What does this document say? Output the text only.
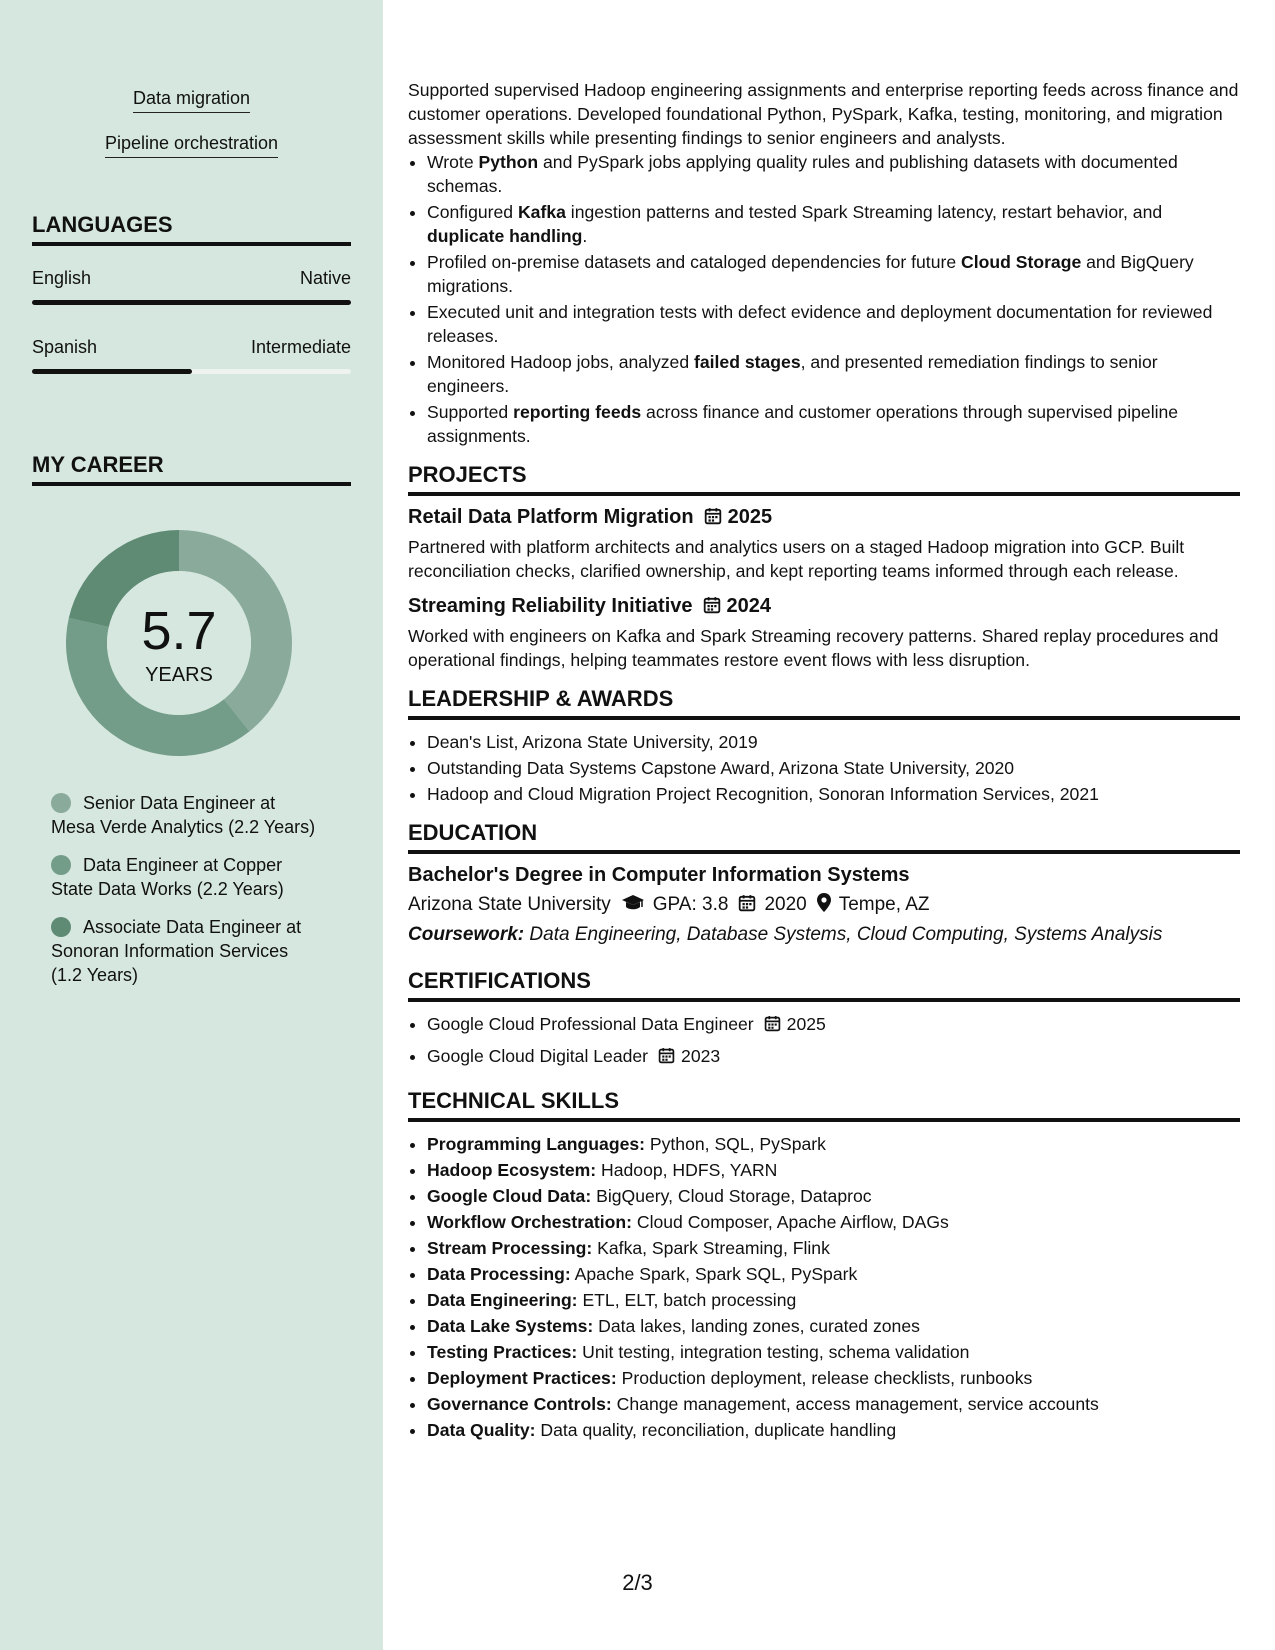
Data migration
Pipeline orchestration
LANGUAGES
English	Native
Spanish	Intermediate
MY CAREER
5.7
YEARS
Senior Data Engineer at Mesa Verde Analytics (2.2 Years)
Data Engineer at Copper State Data Works (2.2 Years)
Associate Data Engineer at Sonoran Information Services (1.2 Years)
Supported supervised Hadoop engineering assignments and enterprise reporting feeds across finance and customer operations. Developed foundational Python, PySpark, Kafka, testing, monitoring, and migration assessment skills while presenting findings to senior engineers and analysts.
• Wrote Python and PySpark jobs applying quality rules and publishing datasets with documented schemas.
• Configured Kafka ingestion patterns and tested Spark Streaming latency, restart behavior, and duplicate handling.
• Profiled on-premise datasets and cataloged dependencies for future Cloud Storage and BigQuery migrations.
• Executed unit and integration tests with defect evidence and deployment documentation for reviewed releases.
• Monitored Hadoop jobs, analyzed failed stages, and presented remediation findings to senior engineers.
• Supported reporting feeds across finance and customer operations through supervised pipeline assignments.
PROJECTS
Retail Data Platform Migration 2025
Partnered with platform architects and analytics users on a staged Hadoop migration into GCP. Built reconciliation checks, clarified ownership, and kept reporting teams informed through each release.
Streaming Reliability Initiative 2024
Worked with engineers on Kafka and Spark Streaming recovery patterns. Shared replay procedures and operational findings, helping teammates restore event flows with less disruption.
LEADERSHIP & AWARDS
• Dean's List, Arizona State University, 2019
• Outstanding Data Systems Capstone Award, Arizona State University, 2020
• Hadoop and Cloud Migration Project Recognition, Sonoran Information Services, 2021
EDUCATION
Bachelor's Degree in Computer Information Systems
Arizona State University GPA: 3.8 2020 Tempe, AZ
Coursework: Data Engineering, Database Systems, Cloud Computing, Systems Analysis
CERTIFICATIONS
• Google Cloud Professional Data Engineer 2025
• Google Cloud Digital Leader 2023
TECHNICAL SKILLS
• Programming Languages: Python, SQL, PySpark
• Hadoop Ecosystem: Hadoop, HDFS, YARN
• Google Cloud Data: BigQuery, Cloud Storage, Dataproc
• Workflow Orchestration: Cloud Composer, Apache Airflow, DAGs
• Stream Processing: Kafka, Spark Streaming, Flink
• Data Processing: Apache Spark, Spark SQL, PySpark
• Data Engineering: ETL, ELT, batch processing
• Data Lake Systems: Data lakes, landing zones, curated zones
• Testing Practices: Unit testing, integration testing, schema validation
• Deployment Practices: Production deployment, release checklists, runbooks
• Governance Controls: Change management, access management, service accounts
• Data Quality: Data quality, reconciliation, duplicate handling
2/3
